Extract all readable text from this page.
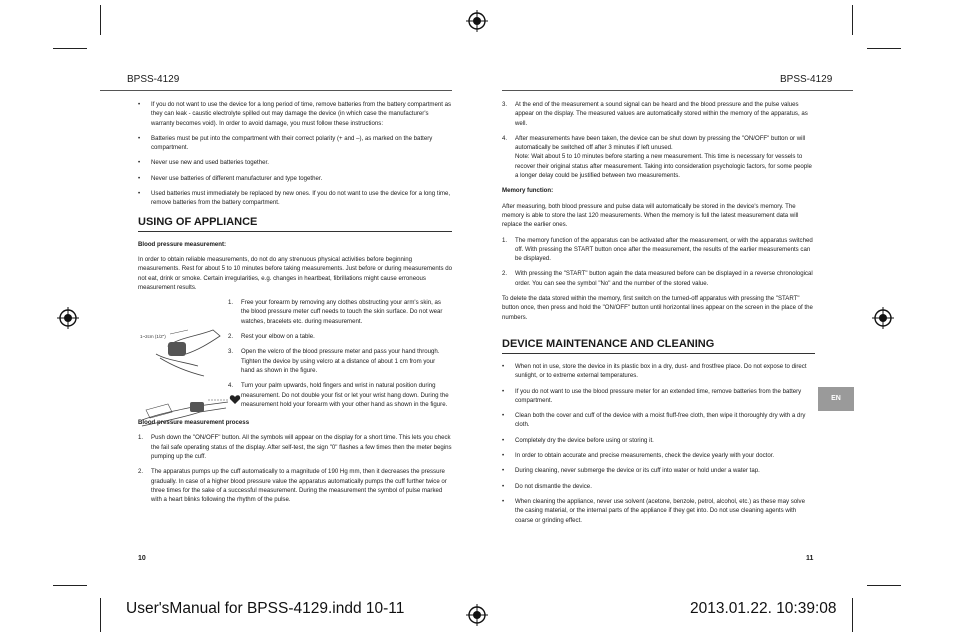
BPSS-4129	BPSS-4129
• If you do not want to use the device for a long period of time, remove batteries from the battery compartment as they can leak - caustic electrolyte spilled out may damage the device (in which case the manufacturer's warranty becomes void). In order to avoid damage, you must follow these instructions:
• Batteries must be put into the compartment with their correct polarity (+ and –), as marked on the battery compartment.
• Never use new and used batteries together.
• Never use batteries of different manufacturer and type together.
• Used batteries must immediately be replaced by new ones. If you do not want to use the device for a long time, remove batteries from the battery compartment.
USING OF APPLIANCE

Blood pressure measurement:

In order to obtain reliable measurements, do not do any strenuous physical activities before beginning measurements. Rest for about 5 to 10 minutes before taking measurements. Just before or during measurements do not eat, drink or smoke. Certain irregularities, e.g. changes in heartbeat, fibrillations might cause erroneous measurement results.

1. Free your forearm by removing any clothes obstructing your arm's skin, as the blood pressure meter cuff needs to touch the skin surface. Do not wear watches, bracelets etc. during measurement.
2. Rest your elbow on a table.
3. Open the velcro of the blood pressure meter and pass your hand through. Tighten the device by using velcro at a distance of about 1 cm from your hand as shown in the figure.
4. Turn your palm upwards, hold fingers and wrist in natural position during measurement. Do not double your fist or let your wrist hang down. During the measurement hold your forearm with your other hand as shown in the figure.

Blood pressure measurement process

1. Push down the "ON/OFF" button. All the symbols will appear on the display for a short time. This lets you check the fail safe operating status of the display. After self-test, the sign "0" flashes a few times then the meter begins pumping up the cuff.
2. The apparatus pumps up the cuff automatically to a magnitude of 190 Hg mm, then it decreases the pressure gradually. In case of a higher blood pressure value the apparatus automatically pumps the cuff further twice or three times for the sake of a successful measurement. During the measurement the symbol of pulse marked with a heart blinks following the rhythm of the pulse.
1~2cm (1/2")
10
3. At the end of the measurement a sound signal can be heard and the blood pressure and the pulse values appear on the display. The measured values are automatically stored within the memory of the apparatus, as well.
4. After measurements have been taken, the device can be shut down by pressing the "ON/OFF" button or will automatically be switched off after 3 minutes if left unused.
Note: Wait about 5 to 10 minutes before starting a new measurement. This time is necessary for vessels to recover their original status after measurement. Taking into consideration psychologic factors, for some people a longer delay could be justified between two measurements.

Memory function:

After measuring, both blood pressure and pulse data will automatically be stored in the device's memory. The memory is able to store the last 120 measurements. When the memory is full the latest measurement data will replace the earlier ones.

1. The memory function of the apparatus can be activated after the measurement, or with the apparatus switched off. With pressing the START button once after the measurement, the results of the earlier measurements can be displayed.
2. With pressing the "START" button again the data measured before can be displayed in a reverse chronological order. You can see the symbol "No" and the number of the stored value.

To delete the data stored within the memory, first switch on the turned-off apparatus with pressing the "START" button once, then press and hold the "ON/OFF" button until horizontal lines appear on the screen in the place of the numbers.

DEVICE MAINTENANCE AND CLEANING
• When not in use, store the device in its plastic box in a dry, dust- and frostfree place. Do not expose to direct sunlight, or to extreme external temperatures.
• If you do not want to use the blood pressure meter for an extended time, remove batteries from the battery compartment.
• Clean both the cover and cuff of the device with a moist fluff-free cloth, then wipe it thoroughly dry with a dry cloth.
• Completely dry the device before using or storing it.
• In order to obtain accurate and precise measurements, check the device yearly with your doctor.
• During cleaning, never submerge the device or its cuff into water or hold under a water tap.
• Do not dismantle the device.
• When cleaning the appliance, never use solvent (acetone, benzole, petrol, alcohol, etc.) as these may solve the casing material, or the internal parts of the appliance if they get into. Do not use cleaning agents with coarse or grinding effect.
EN
11
User'sManual for BPSS-4129.indd 10-11	2013.01.22. 10:39:08
